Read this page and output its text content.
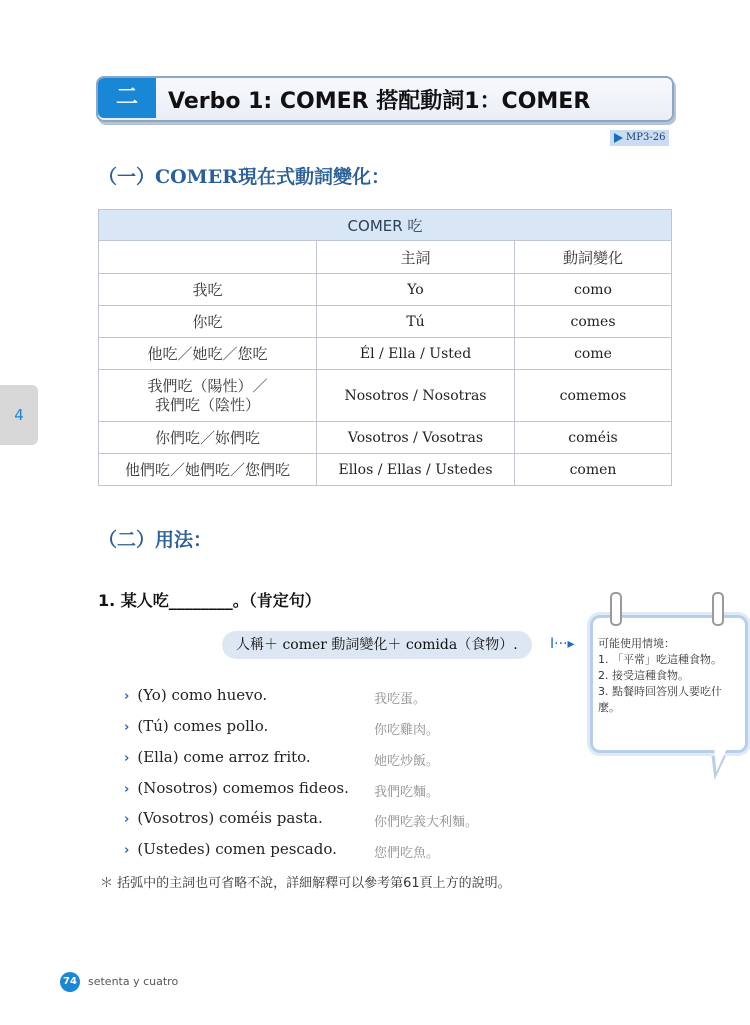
二	Verbo 1: COMER 搭配動詞1：COMER
MP3-26
（一）COMER現在式動詞變化：
COMER 吃		
	主詞	動詞變化
我吃	Yo	como
你吃	Tú	comes
他吃／她吃／您吃	Él / Ella / Usted	come
我們吃（陽性）／
我們吃（陰性）	Nosotros / Nosotras	comemos
你們吃／妳們吃	Vosotros / Vosotras	coméis
他們吃／她們吃／您們吃	Ellos / Ellas / Ustedes	comen
4
（二）用法：
1. 某人吃________。（肯定句）
人稱＋ comer 動詞變化＋ comida（食物）.	I···▸
› (Yo) como huevo.	我吃蛋。
› (Tú) comes pollo.	你吃雞肉。
› (Ella) come arroz frito.	她吃炒飯。
› (Nosotros) comemos fideos. 我們吃麵。
› (Vosotros) coméis pasta.	你們吃義大利麵。
› (Ustedes) comen pescado.	您們吃魚。
＊ 括弧中的主詞也可省略不說，詳細解釋可以參考第61頁上方的說明。
可能使用情境：
1. 「平常」吃這種食物。
2. 接受這種食物。
3. 點餐時回答別人要吃什麼。
74 setenta y cuatro
